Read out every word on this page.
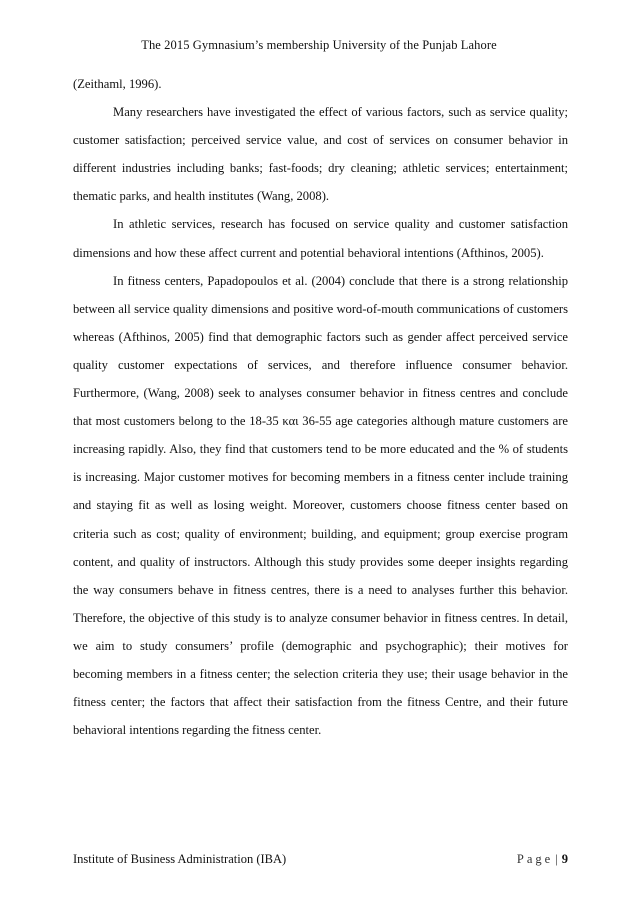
The 2015 Gymnasium’s membership University of the Punjab Lahore

(Zeithaml, 1996).

Many researchers have investigated the effect of various factors, such as service quality; customer satisfaction; perceived service value, and cost of services on consumer behavior in different industries including banks; fast-foods; dry cleaning; athletic services; entertainment; thematic parks, and health institutes (Wang, 2008).

In athletic services, research has focused on service quality and customer satisfaction dimensions and how these affect current and potential behavioral intentions (Afthinos, 2005).

In fitness centers, Papadopoulos et al. (2004) conclude that there is a strong relationship between all service quality dimensions and positive word-of-mouth communications of customers whereas (Afthinos, 2005) find that demographic factors such as gender affect perceived service quality customer expectations of services, and therefore influence consumer behavior. Furthermore, (Wang, 2008) seek to analyses consumer behavior in fitness centres and conclude that most customers belong to the 18-35 και 36-55 age categories although mature customers are increasing rapidly. Also, they find that customers tend to be more educated and the % of students is increasing. Major customer motives for becoming members in a fitness center include training and staying fit as well as losing weight. Moreover, customers choose fitness center based on criteria such as cost; quality of environment; building, and equipment; group exercise program content, and quality of instructors. Although this study provides some deeper insights regarding the way consumers behave in fitness centres, there is a need to analyses further this behavior. Therefore, the objective of this study is to analyze consumer behavior in fitness centres. In detail, we aim to study consumers’ profile (demographic and psychographic); their motives for becoming members in a fitness center; the selection criteria they use; their usage behavior in the fitness center; the factors that affect their satisfaction from the fitness Centre, and their future behavioral intentions regarding the fitness center.

Institute of Business Administration (IBA)	Page | 9
